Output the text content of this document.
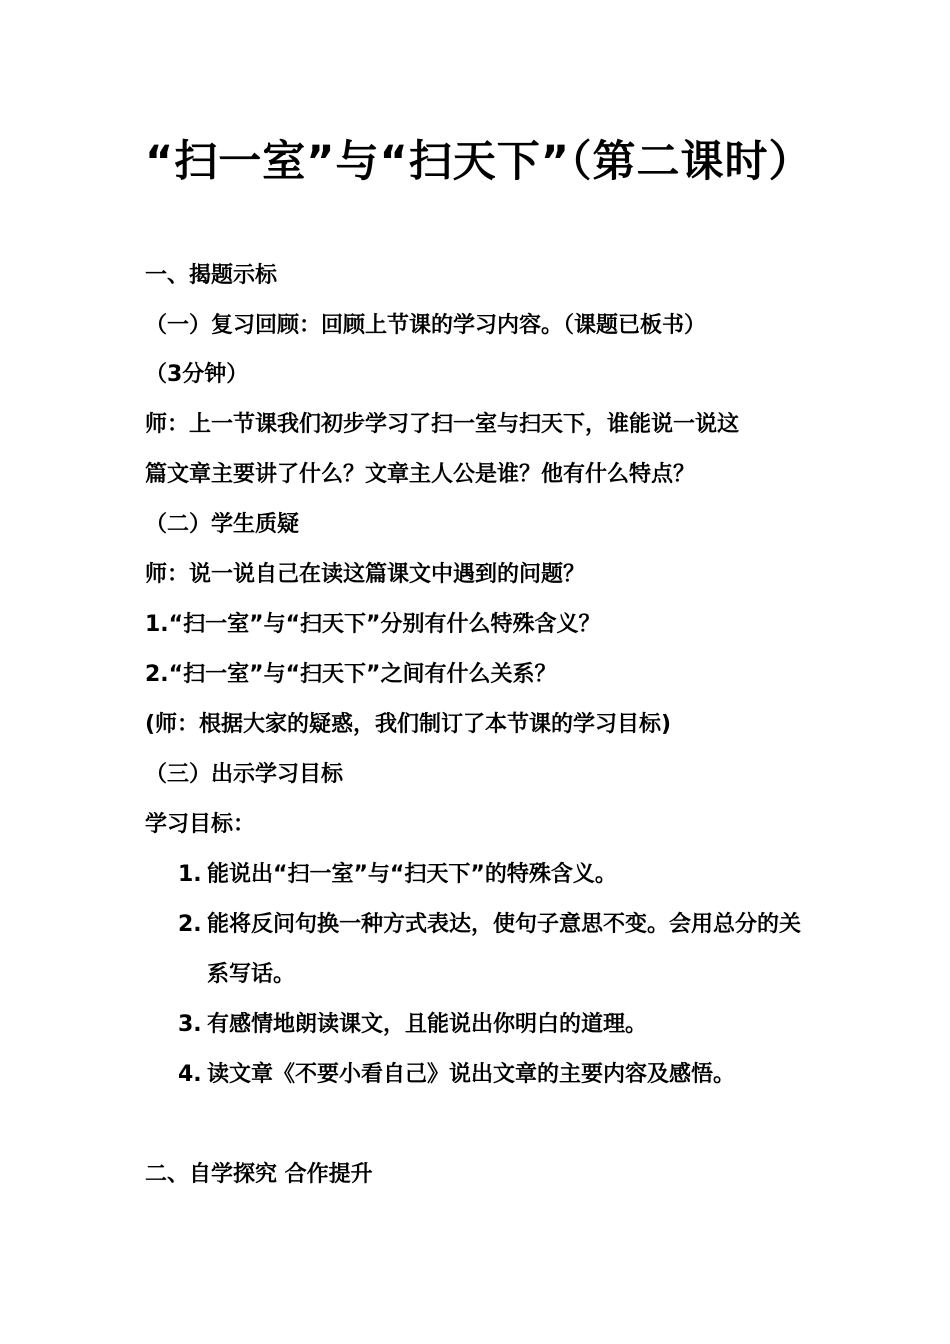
“扫一室”与“扫天下”（第二课时）

一、揭题示标

（一）复习回顾：回顾上节课的学习内容。（课题已板书）

（3分钟）

师：上一节课我们初步学习了扫一室与扫天下，谁能说一说这

篇文章主要讲了什么？文章主人公是谁？他有什么特点？

（二）学生质疑

师：说一说自己在读这篇课文中遇到的问题？

1.“扫一室”与“扫天下”分别有什么特殊含义？

2.“扫一室”与“扫天下”之间有什么关系？

(师：根据大家的疑惑，我们制订了本节课的学习目标)

（三）出示学习目标

学习目标：

1. 能说出“扫一室”与“扫天下”的特殊含义。
2. 能将反问句换一种方式表达，使句子意思不变。会用总分的关系写话。
3. 有感情地朗读课文，且能说出你明白的道理。
4. 读文章《不要小看自己》说出文章的主要内容及感悟。

二、自学探究 合作提升
